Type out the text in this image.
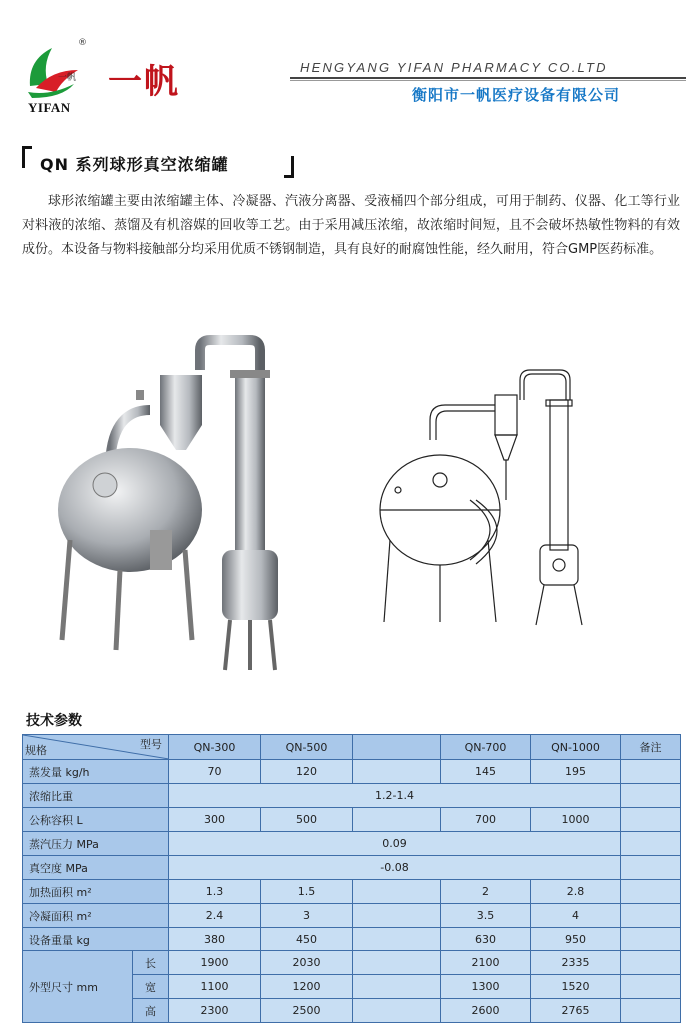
®
一帆
YIFAN
一帆	HENGYANG YIFAN PHARMACY CO.LTD
衡阳市一帆医疗设备有限公司
QN 系列球形真空浓缩罐

球形浓缩罐主要由浓缩罐主体、冷凝器、汽液分离器、受液桶四个部分组成，可用于制药、仪器、化工等行业对料液的浓缩、蒸馏及有机溶媒的回收等工艺。由于采用减压浓缩，故浓缩时间短，且不会破坏热敏性物料的有效成份。本设备与物料接触部分均采用优质不锈钢制造，具有良好的耐腐蚀性能，经久耐用，符合GMP医药标准。

技术参数
型号
规格	QN-300	QN-500		QN-700	QN-1000	备注
蒸发量 kg/h	70	120		145	195	
浓缩比重	1.2-1.4					
公称容积 L	300	500		700	1000	
蒸汽压力 MPa	0.09					
真空度 MPa	-0.08					
加热面积 m²	1.3	1.5		2	2.8	
冷凝面积 m²	2.4	3		3.5	4	
设备重量 kg	380	450		630	950	
外型尺寸 mm	长	1900	2030		2100	2335	
	宽	1100	1200		1300	1520	
	高	2300	2500		2600	2765	
